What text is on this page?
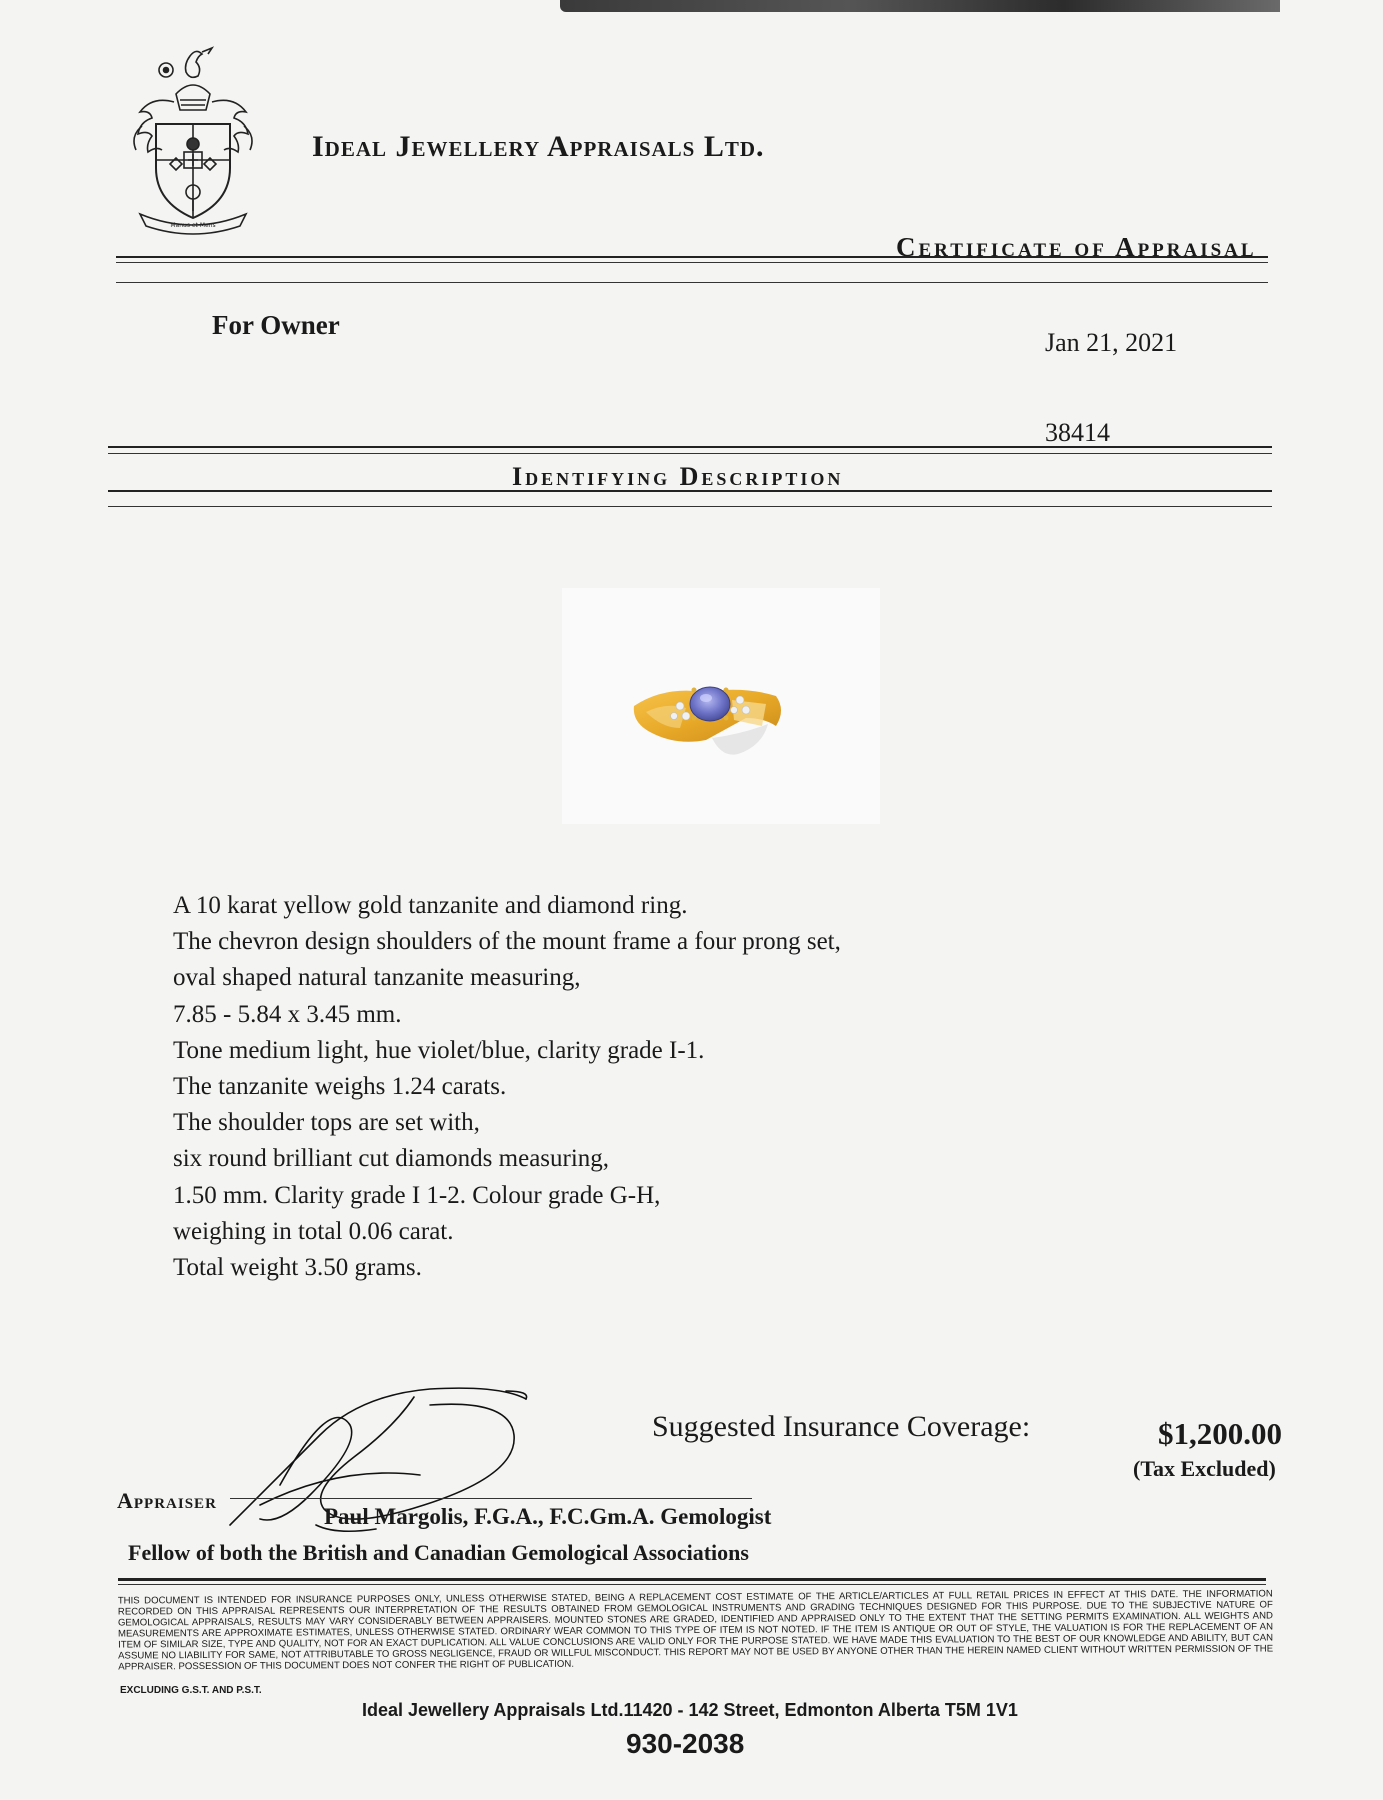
Manus et Mens
Ideal Jewellery Appraisals Ltd.
Certificate of Appraisal
For Owner
Jan 21, 2021
38414
Identifying Description
A 10 karat yellow gold tanzanite and diamond ring.
The chevron design shoulders of the mount frame a four prong set,
oval shaped natural tanzanite measuring,
7.85 - 5.84 x 3.45 mm.
Tone medium light, hue violet/blue, clarity grade I-1.
The tanzanite weighs 1.24 carats.
The shoulder tops are set with,
six round brilliant cut diamonds measuring,
1.50 mm. Clarity grade I 1-2. Colour grade G-H,
weighing in total 0.06 carat.
Total weight 3.50 grams.
Suggested Insurance Coverage:	$1,200.00
(Tax Excluded)
Appraiser
Paul Margolis, F.G.A., F.C.Gm.A. Gemologist
Fellow of both the British and Canadian Gemological Associations
THIS DOCUMENT IS INTENDED FOR INSURANCE PURPOSES ONLY, UNLESS OTHERWISE STATED, BEING A REPLACEMENT COST ESTIMATE OF THE ARTICLE/ARTICLES AT FULL RETAIL PRICES IN EFFECT AT THIS DATE. THE INFORMATION RECORDED ON THIS APPRAISAL REPRESENTS OUR INTERPRETATION OF THE RESULTS OBTAINED FROM GEMOLOGICAL INSTRUMENTS AND GRADING TECHNIQUES DESIGNED FOR THIS PURPOSE. DUE TO THE SUBJECTIVE NATURE OF GEMOLOGICAL APPRAISALS, RESULTS MAY VARY CONSIDERABLY BETWEEN APPRAISERS. MOUNTED STONES ARE GRADED, IDENTIFIED AND APPRAISED ONLY TO THE EXTENT THAT THE SETTING PERMITS EXAMINATION. ALL WEIGHTS AND MEASUREMENTS ARE APPROXIMATE ESTIMATES, UNLESS OTHERWISE STATED. ORDINARY WEAR COMMON TO THIS TYPE OF ITEM IS NOT NOTED. IF THE ITEM IS ANTIQUE OR OUT OF STYLE, THE VALUATION IS FOR THE REPLACEMENT OF AN ITEM OF SIMILAR SIZE, TYPE AND QUALITY, NOT FOR AN EXACT DUPLICATION. ALL VALUE CONCLUSIONS ARE VALID ONLY FOR THE PURPOSE STATED. WE HAVE MADE THIS EVALUATION TO THE BEST OF OUR KNOWLEDGE AND ABILITY, BUT CAN ASSUME NO LIABILITY FOR SAME, NOT ATTRIBUTABLE TO GROSS NEGLIGENCE, FRAUD OR WILLFUL MISCONDUCT. THIS REPORT MAY NOT BE USED BY ANYONE OTHER THAN THE HEREIN NAMED CLIENT WITHOUT WRITTEN PERMISSION OF THE APPRAISER. POSSESSION OF THIS DOCUMENT DOES NOT CONFER THE RIGHT OF PUBLICATION.
EXCLUDING G.S.T. AND P.S.T.
Ideal Jewellery Appraisals Ltd.11420 - 142 Street, Edmonton Alberta T5M 1V1
930-2038
